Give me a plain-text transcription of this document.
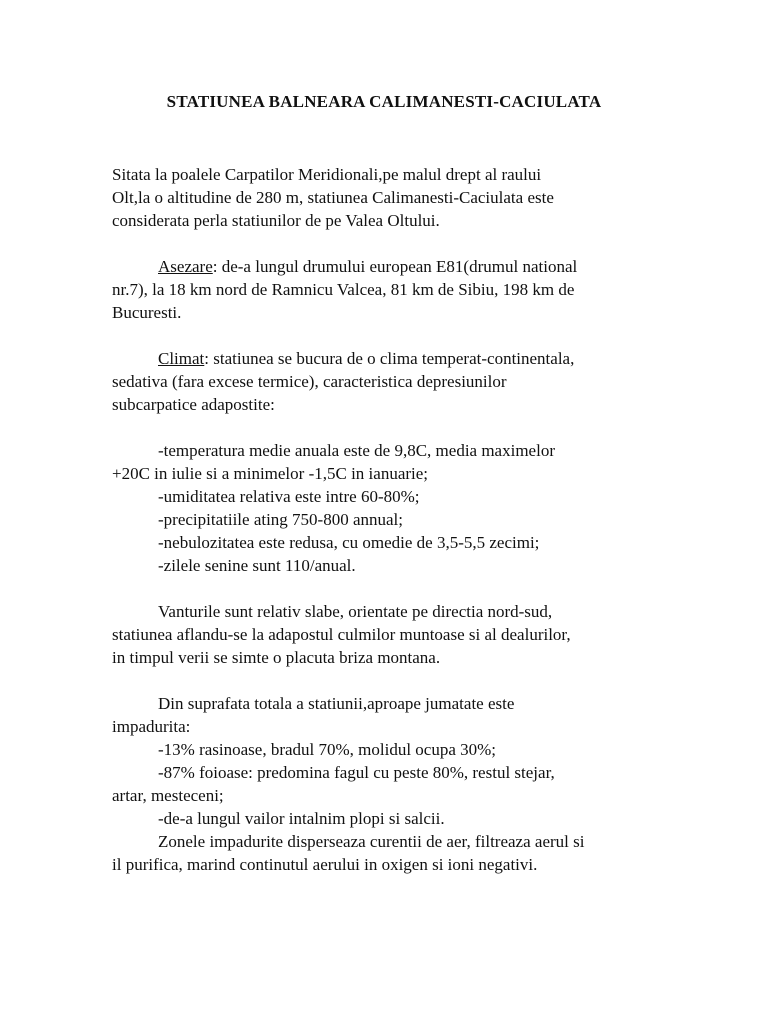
STATIUNEA BALNEARA CALIMANESTI-CACIULATA
Sitata la poalele Carpatilor Meridionali,pe malul drept al raului
Olt,la o altitudine de 280 m, statiunea Calimanesti-Caciulata este
considerata perla statiunilor de pe Valea Oltului.
Asezare: de-a lungul drumului european E81(drumul national
nr.7), la 18 km nord de Ramnicu Valcea, 81 km de Sibiu, 198 km de
Bucuresti.
Climat: statiunea se bucura de o clima temperat-continentala,
sedativa (fara excese termice), caracteristica depresiunilor
subcarpatice adapostite:
-temperatura medie anuala este de 9,8C, media maximelor
+20C in iulie si a minimelor -1,5C in ianuarie;
-umiditatea relativa este intre 60-80%;
-precipitatiile ating 750-800 annual;
-nebulozitatea este redusa, cu omedie de 3,5-5,5 zecimi;
-zilele senine sunt 110/anual.
Vanturile sunt relativ slabe, orientate pe directia nord-sud,
statiunea aflandu-se la adapostul culmilor muntoase si al dealurilor,
in timpul verii se simte o placuta briza montana.
Din suprafata totala a statiunii,aproape jumatate este
impadurita:
-13% rasinoase, bradul 70%, molidul ocupa 30%;
-87% foioase: predomina fagul cu peste 80%, restul stejar,
artar, mesteceni;
-de-a lungul vailor intalnim plopi si salcii.
Zonele impadurite disperseaza curentii de aer, filtreaza aerul si
il purifica, marind continutul aerului in oxigen si ioni negativi.
